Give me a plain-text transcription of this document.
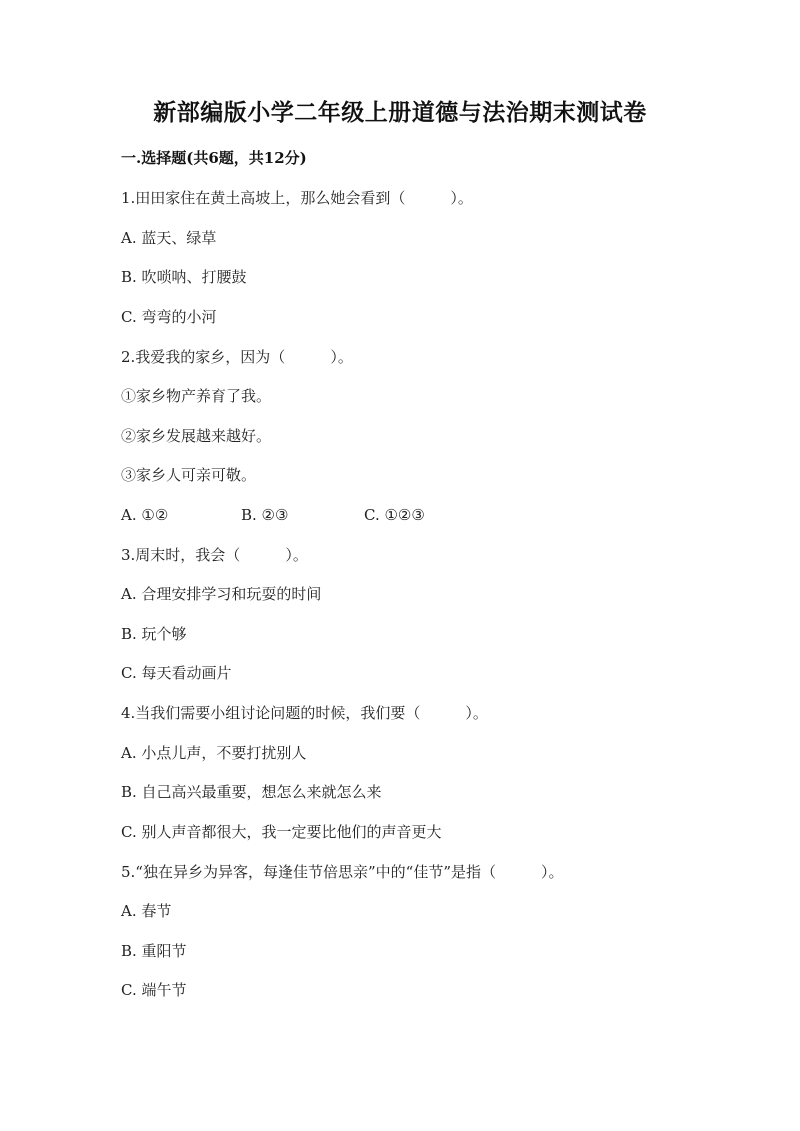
新部编版小学二年级上册道德与法治期末测试卷
一.选择题(共6题，共12分)
1.田田家住在黄土高坡上，那么她会看到（　　　）。
A. 蓝天、绿草
B. 吹唢呐、打腰鼓
C. 弯弯的小河
2.我爱我的家乡，因为（　　　）。
①家乡物产养育了我。
②家乡发展越来越好。
③家乡人可亲可敬。
A. ①②	B. ②③	C. ①②③
3.周末时，我会（　　　）。
A. 合理安排学习和玩耍的时间
B. 玩个够
C. 每天看动画片
4.当我们需要小组讨论问题的时候，我们要（　　　）。
A. 小点儿声，不要打扰别人
B. 自己高兴最重要，想怎么来就怎么来
C. 别人声音都很大，我一定要比他们的声音更大
5.“独在异乡为异客，每逢佳节倍思亲”中的“佳节”是指（　　　）。
A. 春节
B. 重阳节
C. 端午节
